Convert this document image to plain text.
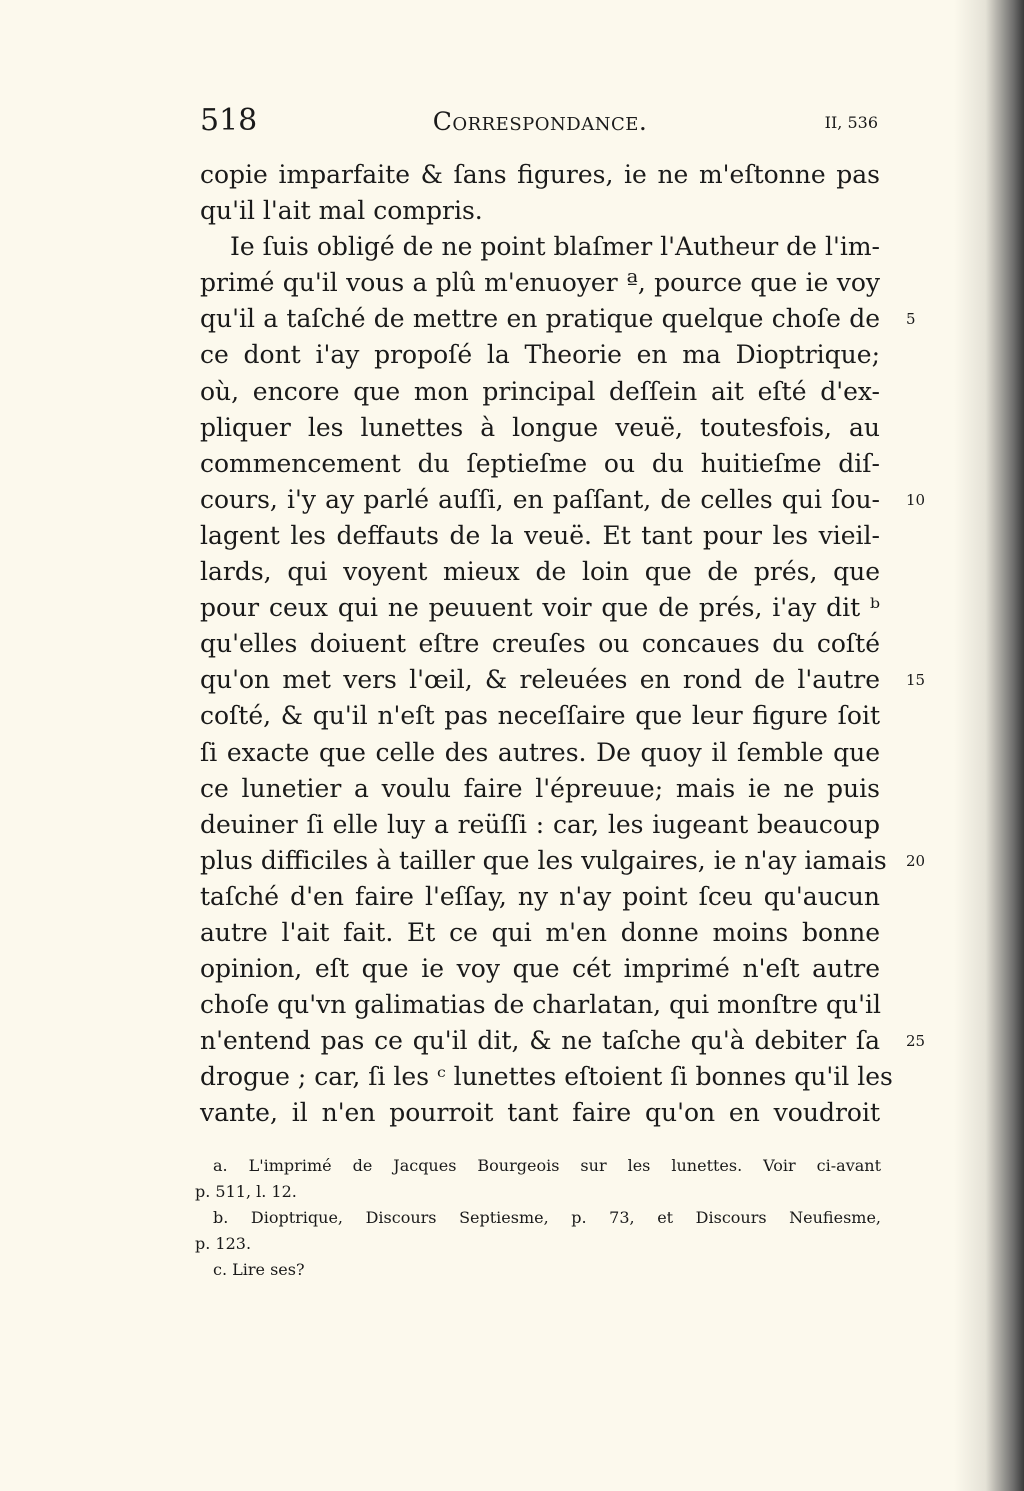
518	Correspondance.	II, 536
copie imparfaite & ſans figures, ie ne m'eſtonne pas
qu'il l'ait mal compris.
Ie ſuis obligé de ne point blaſmer l'Autheur de l'im-
primé qu'il vous a plû m'enuoyer ª, pource que ie voy
qu'il a taſché de mettre en pratique quelque choſe de 5
ce dont i'ay propoſé la Theorie en ma Dioptrique;
où, encore que mon principal deſſein ait eſté d'ex-
pliquer les lunettes à longue veuë, toutesfois, au
commencement du ſeptieſme ou du huitieſme diſ-
cours, i'y ay parlé auſſi, en paſſant, de celles qui ſou- 10
lagent les deffauts de la veuë. Et tant pour les vieil-
lards, qui voyent mieux de loin que de prés, que
pour ceux qui ne peuuent voir que de prés, i'ay dit ᵇ
qu'elles doiuent eſtre creuſes ou concaues du coſté
qu'on met vers l'œil, & releuées en rond de l'autre 15
coſté, & qu'il n'eſt pas neceſſaire que leur figure ſoit
ſi exacte que celle des autres. De quoy il ſemble que
ce lunetier a voulu faire l'épreuue; mais ie ne puis
deuiner ſi elle luy a reüſſi : car, les iugeant beaucoup
plus difficiles à tailler que les vulgaires, ie n'ay iamais 20
taſché d'en faire l'eſſay, ny n'ay point ſceu qu'aucun
autre l'ait fait. Et ce qui m'en donne moins bonne
opinion, eſt que ie voy que cét imprimé n'eſt autre
choſe qu'vn galimatias de charlatan, qui monſtre qu'il
n'entend pas ce qu'il dit, & ne taſche qu'à debiter ſa 25
drogue ; car, ſi les ᶜ lunettes eſtoient ſi bonnes qu'il les
vante, il n'en pourroit tant faire qu'on en voudroit
a. L'imprimé de Jacques Bourgeois sur les lunettes. Voir ci-avant
p. 511, l. 12.
b. Dioptrique, Discours Septiesme, p. 73, et Discours Neufiesme,
p. 123.
c. Lire ses?
